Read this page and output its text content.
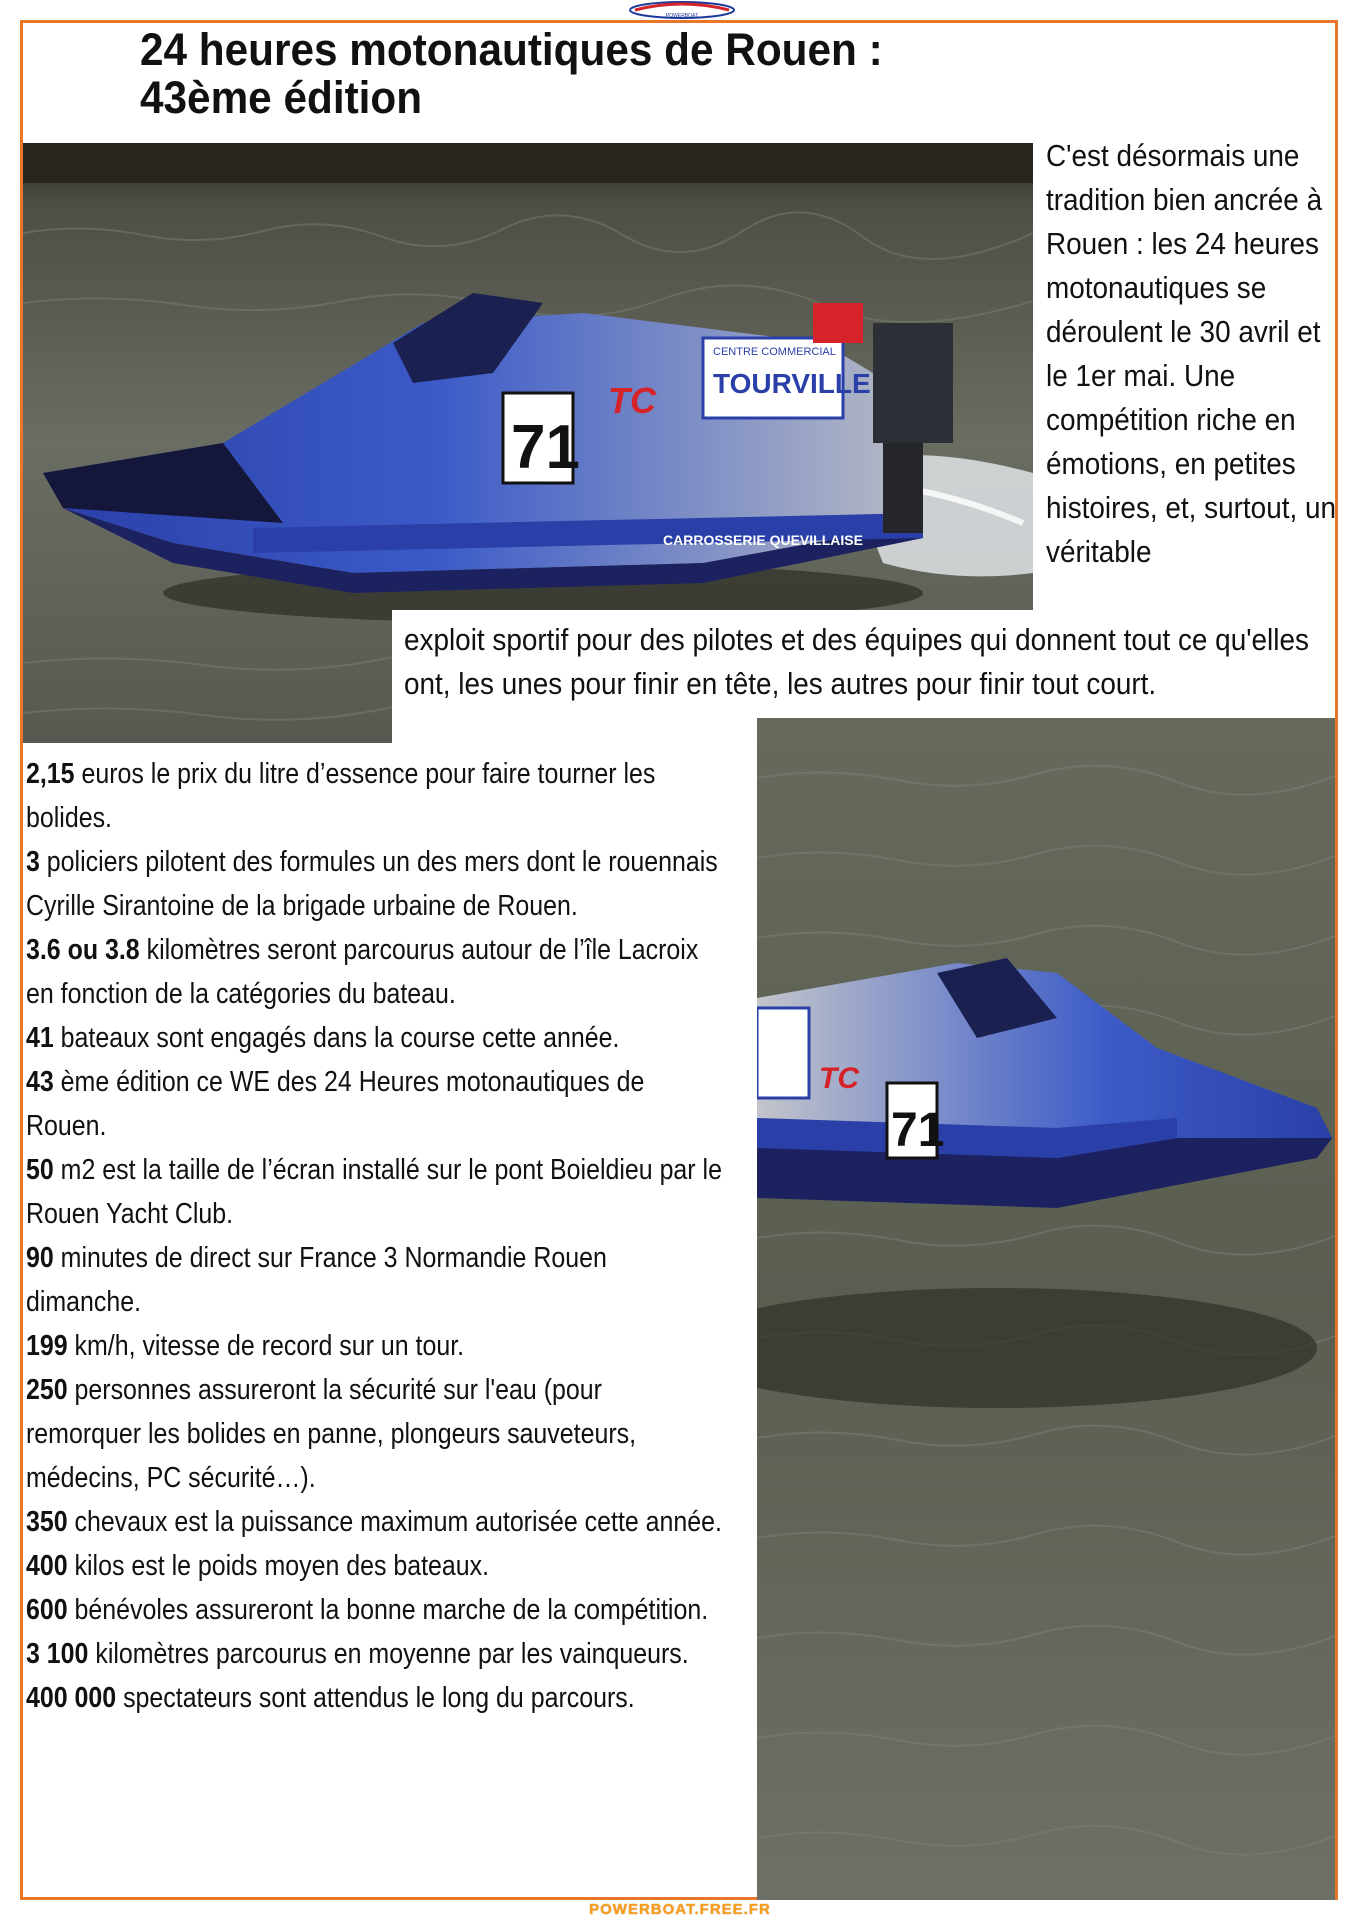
POWERBOAT
24 heures motonautiques de Rouen :
43ème édition
CARROSSERIE QUEVILLAISE
CENTRE COMMERCIAL
TOURVILLE
TC
71
71
TC

C'est désormais une tradition bien ancrée à Rouen : les 24 heures motonautiques se déroulent le 30 avril et le 1er mai. Une compétition riche en émotions, en petites histoires, et, surtout, un véritable

exploit sportif pour des pilotes et des équipes qui donnent tout ce qu'elles ont, les unes pour finir en tête, les autres pour finir tout court.

2,15 euros le prix du litre d’essence pour faire tourner les bolides.
3 policiers pilotent des formules un des mers dont le rouennais Cyrille Sirantoine de la brigade urbaine de Rouen.
3.6 ou 3.8 kilomètres seront parcourus autour de l’île Lacroix en fonction de la catégories du bateau.
41 bateaux sont engagés dans la course cette année.
43 ème édition ce WE des 24 Heures motonautiques de Rouen.
50 m2 est la taille de l’écran installé sur le pont Boieldieu par le Rouen Yacht Club.
90 minutes de direct sur France 3 Normandie Rouen dimanche.
199 km/h, vitesse de record sur un tour.
250 personnes assureront la sécurité sur l'eau (pour remorquer les bolides en panne, plongeurs sauveteurs, médecins, PC sécurité…).
350 chevaux est la puissance maximum autorisée cette année.
400 kilos est le poids moyen des bateaux.
600 bénévoles assureront la bonne marche de la compétition.
3 100 kilomètres parcourus en moyenne par les vainqueurs.
400 000 spectateurs sont attendus le long du parcours.
POWERBOAT.FREE.FR
